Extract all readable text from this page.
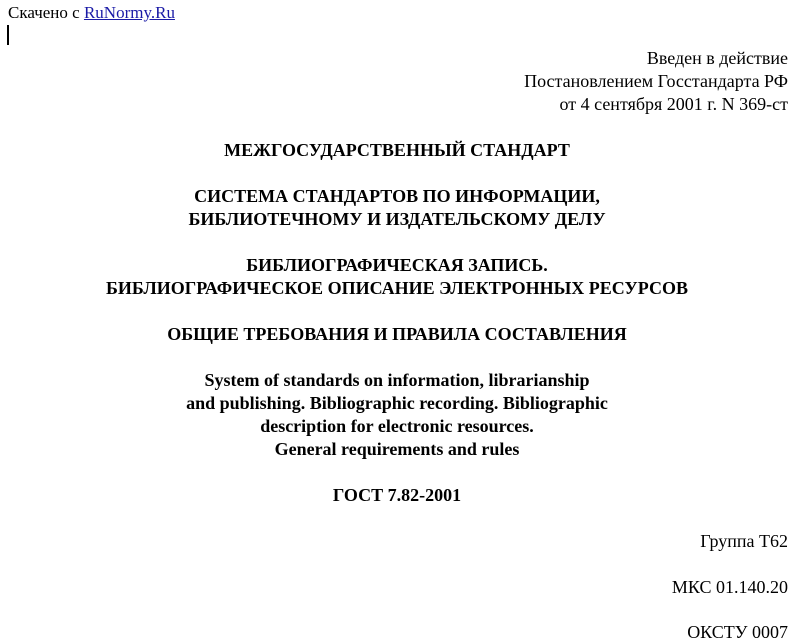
Скачено с RuNormy.Ru
Введен в действие
Постановлением Госстандарта РФ
от 4 сентября 2001 г. N 369-ст
МЕЖГОСУДАРСТВЕННЫЙ СТАНДАРТ
СИСТЕМА СТАНДАРТОВ ПО ИНФОРМАЦИИ,
БИБЛИОТЕЧНОМУ И ИЗДАТЕЛЬСКОМУ ДЕЛУ
БИБЛИОГРАФИЧЕСКАЯ ЗАПИСЬ.
БИБЛИОГРАФИЧЕСКОЕ ОПИСАНИЕ ЭЛЕКТРОННЫХ РЕСУРСОВ
ОБЩИЕ ТРЕБОВАНИЯ И ПРАВИЛА СОСТАВЛЕНИЯ
System of standards on information, librarianship
and publishing. Bibliographic recording. Bibliographic
description for electronic resources.
General requirements and rules
ГОСТ 7.82-2001
Группа Т62
МКС 01.140.20
ОКСТУ 0007
